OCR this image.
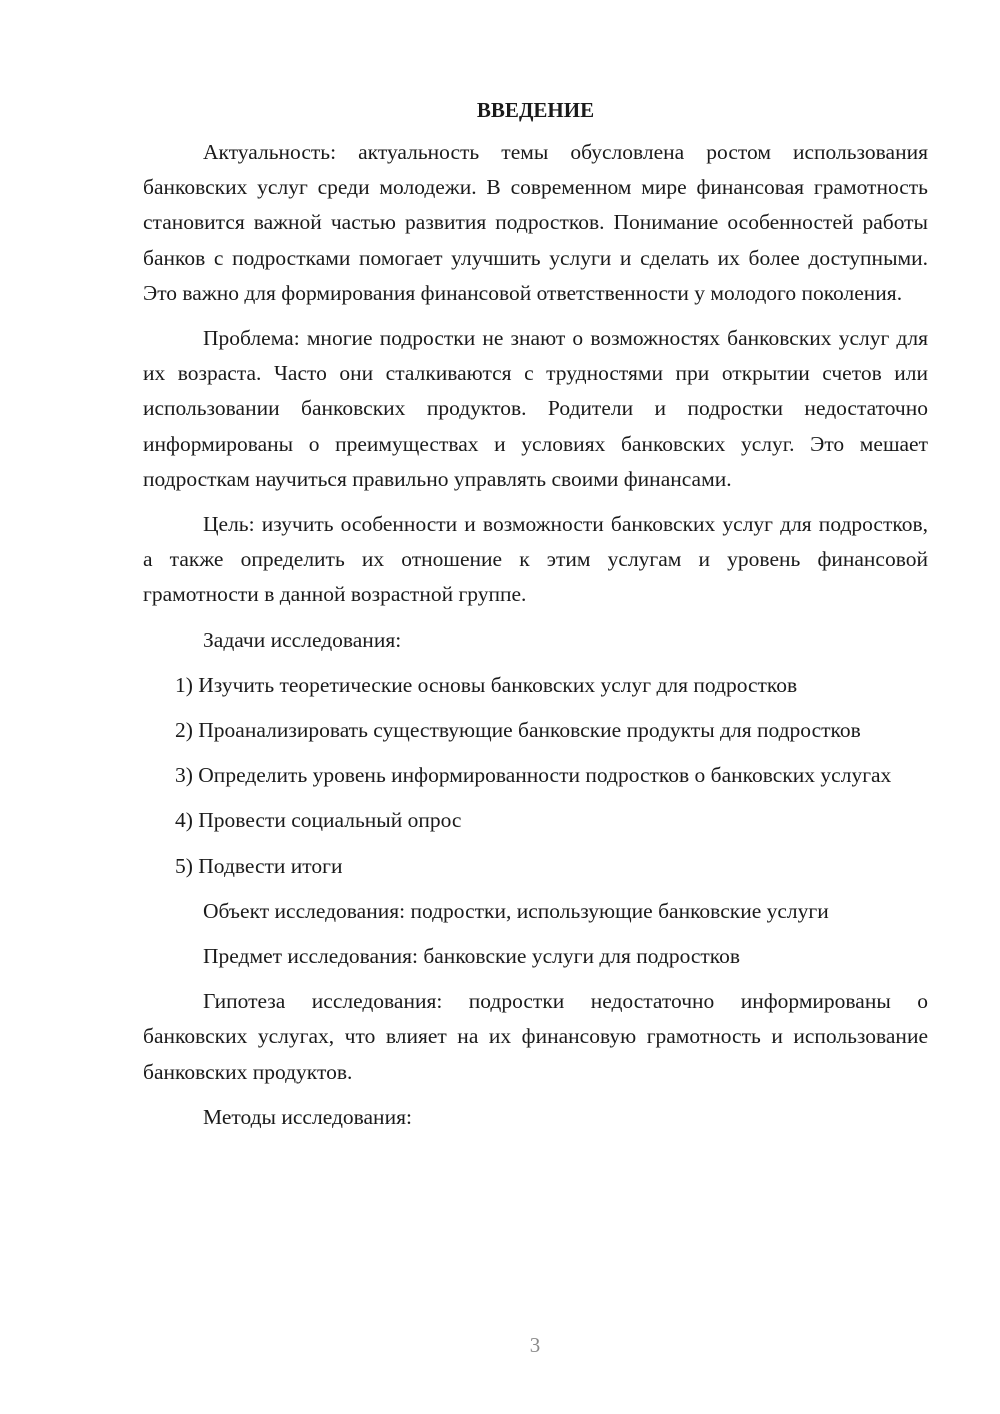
ВВЕДЕНИЕ

Актуальность: актуальность темы обусловлена ростом использования банковских услуг среди молодежи. В современном мире финансовая грамотность становится важной частью развития подростков. Понимание особенностей работы банков с подростками помогает улучшить услуги и сделать их более доступными. Это важно для формирования финансовой ответственности у молодого поколения.

Проблема: многие подростки не знают о возможностях банковских услуг для их возраста. Часто они сталкиваются с трудностями при открытии счетов или использовании банковских продуктов. Родители и подростки недостаточно информированы о преимуществах и условиях банковских услуг. Это мешает подросткам научиться правильно управлять своими финансами.

Цель: изучить особенности и возможности банковских услуг для подростков, а также определить их отношение к этим услугам и уровень финансовой грамотности в данной возрастной группе.

Задачи исследования:

1) Изучить теоретические основы банковских услуг для подростков

2) Проанализировать существующие банковские продукты для подростков

3) Определить уровень информированности подростков о банковских услугах

4) Провести социальный опрос

5) Подвести итоги

Объект исследования: подростки, использующие банковские услуги

Предмет исследования: банковские услуги для подростков

Гипотеза исследования: подростки недостаточно информированы о банковских услугах, что влияет на их финансовую грамотность и использование банковских продуктов.

Методы исследования:

3
